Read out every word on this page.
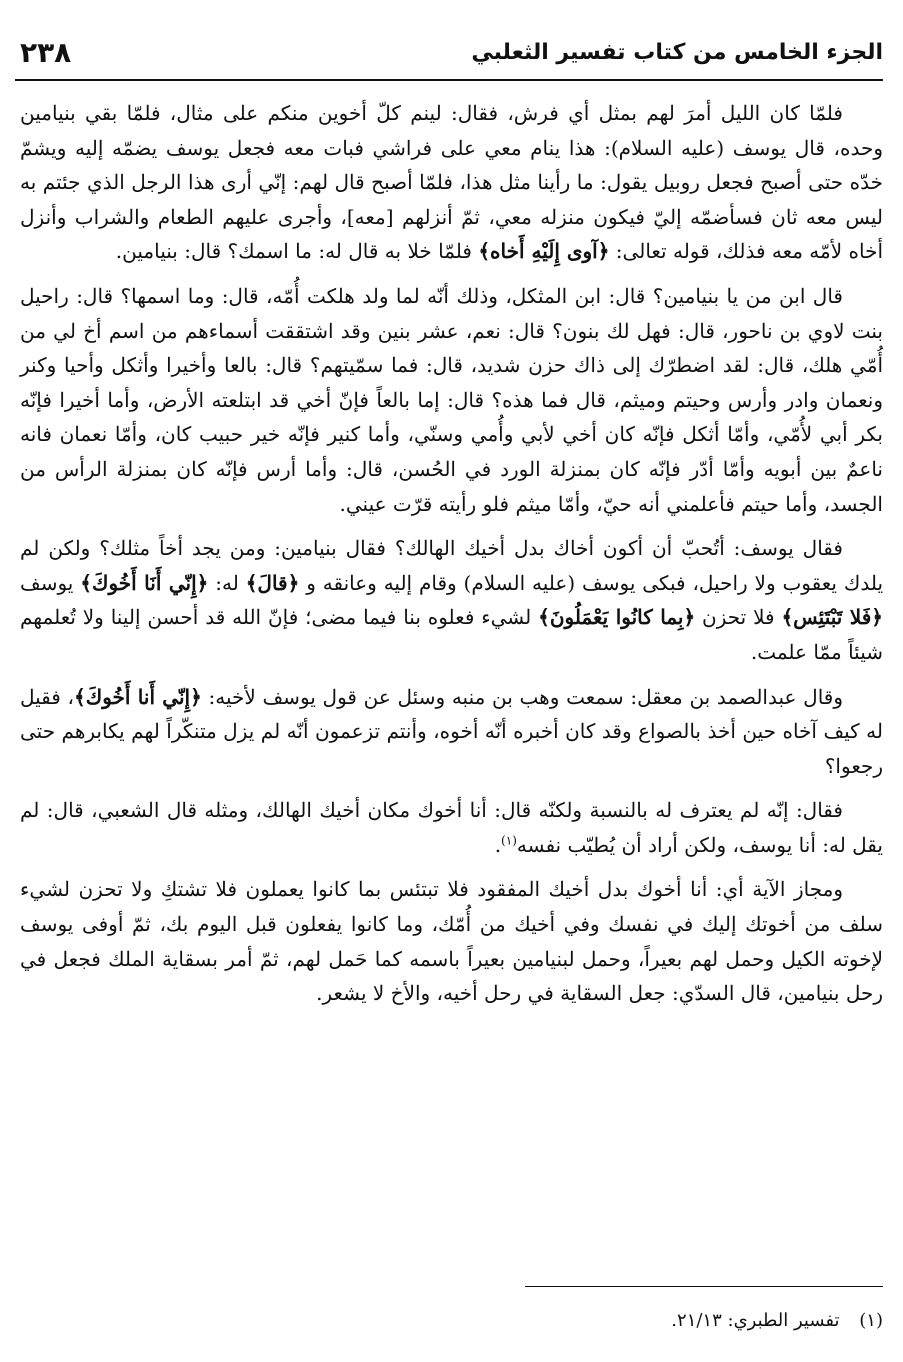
٢٣٨	الجزء الخامس من كتاب تفسير الثعلبي

فلمّا كان الليل أمرَ لهم بمثل أي فرش، فقال: لينم كلّ أخوين منكم على مثال، فلمّا بقي بنيامين وحده، قال يوسف (عليه السلام): هذا ينام معي على فراشي فبات معه فجعل يوسف يضمّه إليه ويشمّ خدّه حتى أصبح فجعل روبيل يقول: ما رأينا مثل هذا، فلمّا أصبح قال لهم: إنّي أرى هذا الرجل الذي جئتم به ليس معه ثان فسأضمّه إليّ فيكون منزله معي، ثمّ أنزلهم [معه]، وأجرى عليهم الطعام والشراب وأنزل أخاه لأمّه معه فذلك، قوله تعالى: ﴿آوى إِلَيْهِ أَخاه﴾ فلمّا خلا به قال له: ما اسمك؟ قال: بنيامين.

قال ابن من يا بنيامين؟ قال: ابن المثكل، وذلك أنّه لما ولد هلكت أُمّه، قال: وما اسمها؟ قال: راحيل بنت لاوي بن ناحور، قال: فهل لك بنون؟ قال: نعم، عشر بنين وقد اشتققت أسماءهم من اسم أخ لي من أُمّي هلك، قال: لقد اضطرّك إلى ذاك حزن شديد، قال: فما سمّيتهم؟ قال: بالعا وأخيرا وأثكل وأحيا وكنر ونعمان وادر وأرس وحيتم وميثم، قال فما هذه؟ قال: إما بالعاً فإنّ أخي قد ابتلعته الأرض، وأما أخيرا فإنّه بكر أبي لأُمّي، وأمّا أثكل فإنّه كان أخي لأبي وأُمي وسنّي، وأما كنير فإنّه خير حبيب كان، وأمّا نعمان فانه ناعمٌ بين أبويه وأمّا أدّر فإنّه كان بمنزلة الورد في الحُسن، قال: وأما أرس فإنّه كان بمنزلة الرأس من الجسد، وأما حيتم فأعلمني أنه حيّ، وأمّا ميثم فلو رأيته قرّت عيني.

فقال يوسف: أتُحبّ أن أكون أخاك بدل أخيك الهالك؟ فقال بنيامين: ومن يجد أخاً مثلك؟ ولكن لم يلدك يعقوب ولا راحيل، فبكى يوسف (عليه السلام) وقام إليه وعانقه و ﴿قالَ﴾ له: ﴿إِنّي أَنَا أَخُوكَ﴾ يوسف ﴿فَلا تَبْتَئِس﴾ فلا تحزن ﴿بِما كانُوا يَعْمَلُونَ﴾ لشيء فعلوه بنا فيما مضى؛ فإنّ الله قد أحسن إلينا ولا تُعلمهم شيئاً ممّا علمت.

وقال عبدالصمد بن معقل: سمعت وهب بن منبه وسئل عن قول يوسف لأخيه: ﴿إِنّي أَنا أَخُوكَ﴾، فقيل له كيف آخاه حين أخذ بالصواع وقد كان أخبره أنّه أخوه، وأنتم تزعمون أنّه لم يزل متنكّراً لهم يكابرهم حتى رجعوا؟

فقال: إنّه لم يعترف له بالنسبة ولكنّه قال: أنا أخوك مكان أخيك الهالك، ومثله قال الشعبي، قال: لم يقل له: أنا يوسف، ولكن أراد أن يُطيّب نفسه$^{(١)}$.

ومجاز الآية أي: أنا أخوك بدل أخيك المفقود فلا تبتئس بما كانوا يعملون فلا تشتكِ ولا تحزن لشيء سلف من أخوتك إليك في نفسك وفي أخيك من أُمّك، وما كانوا يفعلون قبل اليوم بك، ثمّ أوفى يوسف لإخوته الكيل وحمل لهم بعيراً، وحمل لبنيامين بعيراً باسمه كما حَمل لهم، ثمّ أمر بسقاية الملك فجعل في رحل بنيامين، قال السدّي: جعل السقاية في رحل أخيه، والأخ لا يشعر.

(١) تفسير الطبري: ٢١/١٣.
